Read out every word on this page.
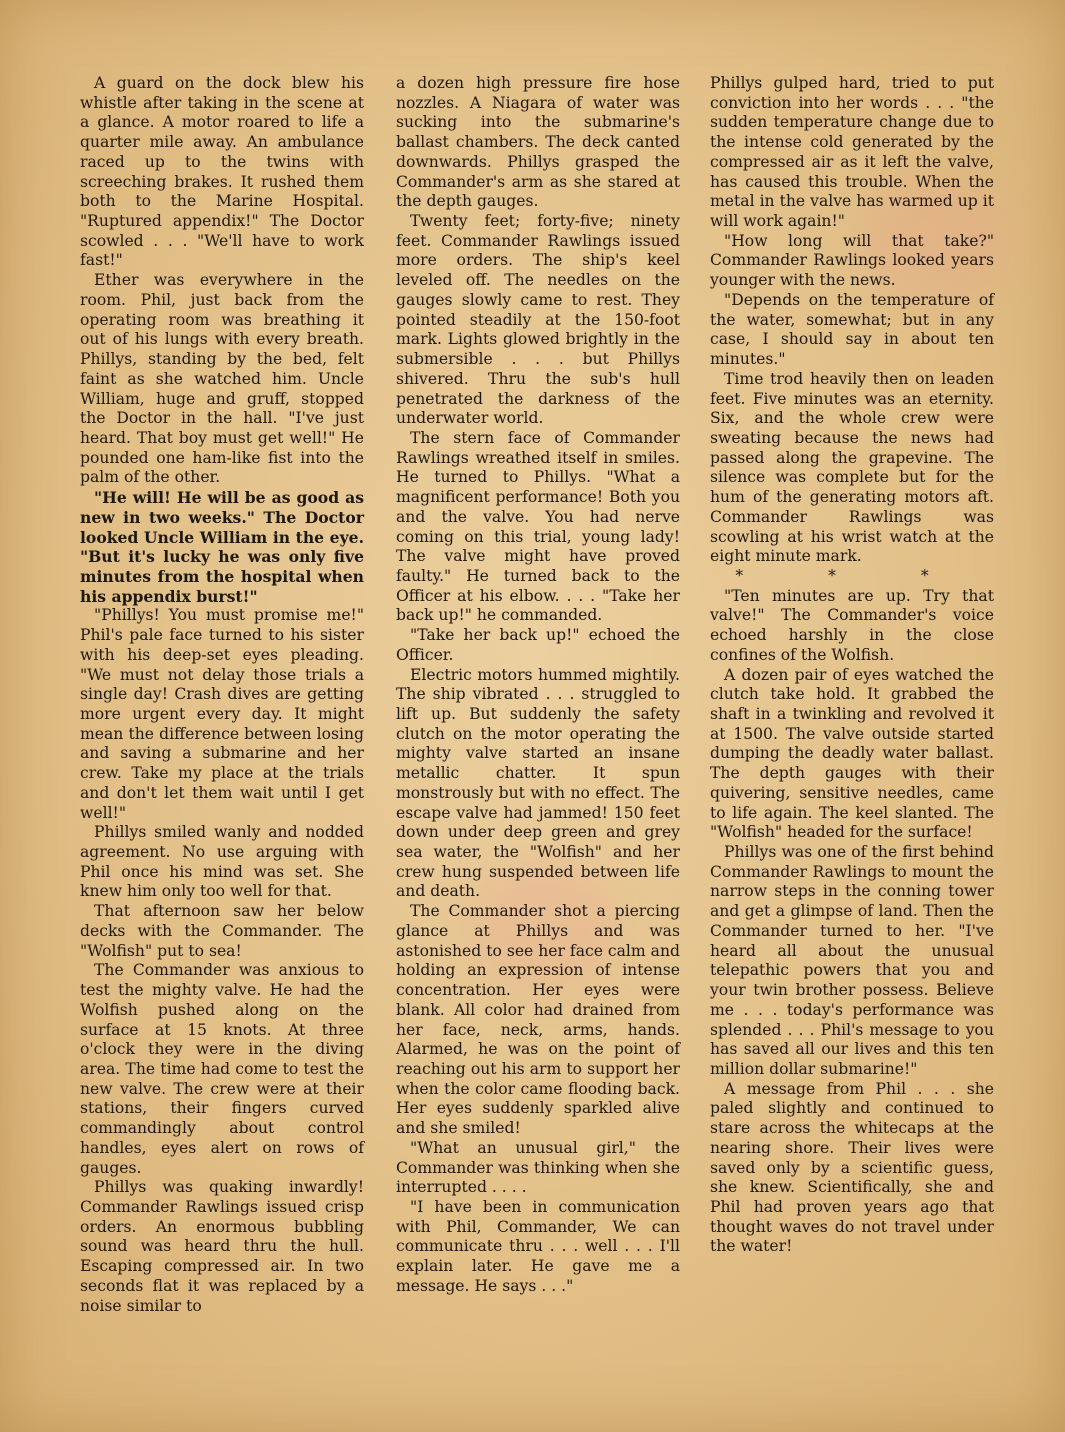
A guard on the dock blew his whistle after taking in the scene at a glance. A motor roared to life a quarter mile away. An ambulance raced up to the twins with screeching brakes. It rushed them both to the Marine Hospital. "Ruptured appendix!" The Doctor scowled . . . "We'll have to work fast!"

Ether was everywhere in the room. Phil, just back from the operating room was breathing it out of his lungs with every breath. Phillys, standing by the bed, felt faint as she watched him. Uncle William, huge and gruff, stopped the Doctor in the hall. "I've just heard. That boy must get well!" He pounded one ham-like fist into the palm of the other.

"He will! He will be as good as new in two weeks." The Doctor looked Uncle William in the eye. "But it's lucky he was only five minutes from the hospital when his appendix burst!"

"Phillys! You must promise me!" Phil's pale face turned to his sister with his deep-set eyes pleading. "We must not delay those trials a single day! Crash dives are getting more urgent every day. It might mean the difference between losing and saving a submarine and her crew. Take my place at the trials and don't let them wait until I get well!"

Phillys smiled wanly and nodded agreement. No use arguing with Phil once his mind was set. She knew him only too well for that.

That afternoon saw her below decks with the Commander. The "Wolfish" put to sea!

The Commander was anxious to test the mighty valve. He had the Wolfish pushed along on the surface at 15 knots. At three o'clock they were in the diving area. The time had come to test the new valve. The crew were at their stations, their fingers curved commandingly about control handles, eyes alert on rows of gauges.

Phillys was quaking inwardly! Commander Rawlings issued crisp orders. An enormous bubbling sound was heard thru the hull. Escaping compressed air. In two seconds flat it was replaced by a noise similar to

a dozen high pressure fire hose nozzles. A Niagara of water was sucking into the submarine's ballast chambers. The deck canted downwards. Phillys grasped the Commander's arm as she stared at the depth gauges.

Twenty feet; forty-five; ninety feet. Commander Rawlings issued more orders. The ship's keel leveled off. The needles on the gauges slowly came to rest. They pointed steadily at the 150-foot mark. Lights glowed brightly in the submersible . . . but Phillys shivered. Thru the sub's hull penetrated the darkness of the underwater world.

The stern face of Commander Rawlings wreathed itself in smiles. He turned to Phillys. "What a magnificent performance! Both you and the valve. You had nerve coming on this trial, young lady! The valve might have proved faulty." He turned back to the Officer at his elbow. . . . "Take her back up!" he commanded.

"Take her back up!" echoed the Officer.

Electric motors hummed mightily. The ship vibrated . . . struggled to lift up. But suddenly the safety clutch on the motor operating the mighty valve started an insane metallic chatter. It spun monstrously but with no effect. The escape valve had jammed! 150 feet down under deep green and grey sea water, the "Wolfish" and her crew hung suspended between life and death.

The Commander shot a piercing glance at Phillys and was astonished to see her face calm and holding an expression of intense concentration. Her eyes were blank. All color had drained from her face, neck, arms, hands. Alarmed, he was on the point of reaching out his arm to support her when the color came flooding back. Her eyes suddenly sparkled alive and she smiled!

"What an unusual girl," the Commander was thinking when she interrupted . . . .

"I have been in communication with Phil, Commander, We can communicate thru . . . well . . . I'll explain later. He gave me a message. He says . . ."

Phillys gulped hard, tried to put conviction into her words . . . "the sudden temperature change due to the intense cold generated by the compressed air as it left the valve, has caused this trouble. When the metal in the valve has warmed up it will work again!"

"How long will that take?" Commander Rawlings looked years younger with the news.

"Depends on the temperature of the water, somewhat; but in any case, I should say in about ten minutes."

Time trod heavily then on leaden feet. Five minutes was an eternity. Six, and the whole crew were sweating because the news had passed along the grapevine. The silence was complete but for the hum of the generating motors aft. Commander Rawlings was scowling at his wrist watch at the eight minute mark.

* * *

"Ten minutes are up. Try that valve!" The Commander's voice echoed harshly in the close confines of the Wolfish.

A dozen pair of eyes watched the clutch take hold. It grabbed the shaft in a twinkling and revolved it at 1500. The valve outside started dumping the deadly water ballast. The depth gauges with their quivering, sensitive needles, came to life again. The keel slanted. The "Wolfish" headed for the surface!

Phillys was one of the first behind Commander Rawlings to mount the narrow steps in the conning tower and get a glimpse of land. Then the Commander turned to her. "I've heard all about the unusual telepathic powers that you and your twin brother possess. Believe me . . . today's performance was splended . . . Phil's message to you has saved all our lives and this ten million dollar submarine!"

A message from Phil . . . she paled slightly and continued to stare across the whitecaps at the nearing shore. Their lives were saved only by a scientific guess, she knew. Scientifically, she and Phil had proven years ago that thought waves do not travel under the water!
